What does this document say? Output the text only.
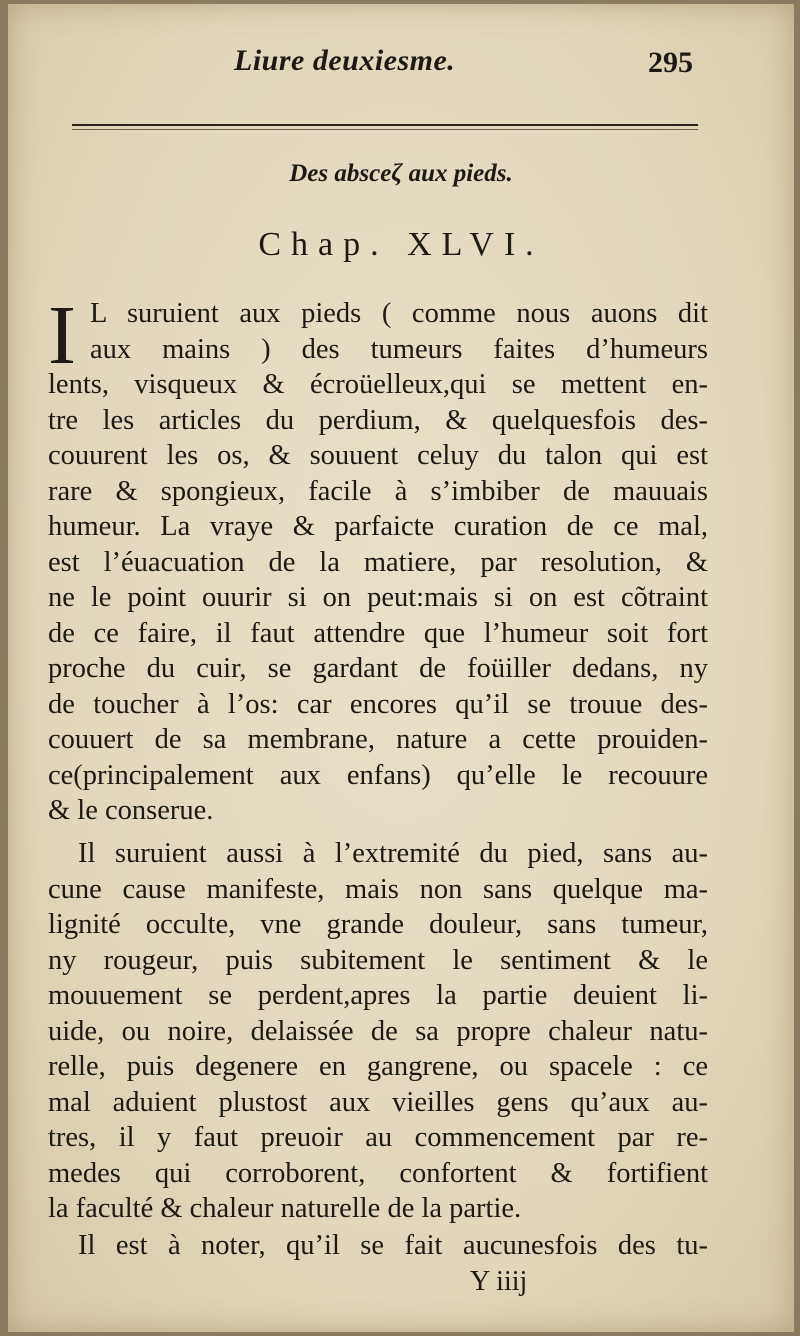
Liure deuxiesme.	295
Des absceζ aux pieds.
Chap. XLVI.
I L suruient aux pieds ( comme nous auons dit
aux mains ) des tumeurs faites d’humeurs
lents, visqueux & écroüelleux,qui se mettent en-
tre les articles du perdium, & quelquesfois des-
couurent les os, & souuent celuy du talon qui est
rare & spongieux, facile à s’imbiber de mauuais
humeur. La vraye & parfaicte curation de ce mal,
est l’éuacuation de la matiere, par resolution, &
ne le point ouurir si on peut:mais si on est cõtraint
de ce faire, il faut attendre que l’humeur soit fort
proche du cuir, se gardant de foüiller dedans, ny
de toucher à l’os: car encores qu’il se trouue des-
couuert de sa membrane, nature a cette prouiden-
ce(principalement aux enfans) qu’elle le recouure
& le conserue.
Il suruient aussi à l’extremité du pied, sans au-
cune cause manifeste, mais non sans quelque ma-
lignité occulte, vne grande douleur, sans tumeur,
ny rougeur, puis subitement le sentiment & le
mouuement se perdent,apres la partie deuient li-
uide, ou noire, delaissée de sa propre chaleur natu-
relle, puis degenere en gangrene, ou spacele : ce
mal aduient plustost aux vieilles gens qu’aux au-
tres, il y faut preuoir au commencement par re-
medes qui corroborent, confortent & fortifient
la faculté & chaleur naturelle de la partie.
Il est à noter, qu’il se fait aucunesfois des tu-
Y iiij
